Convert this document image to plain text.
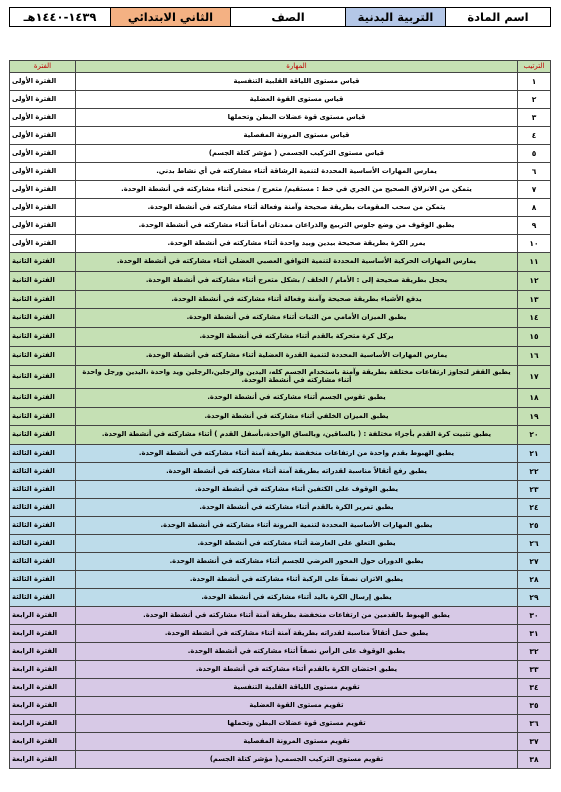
١٤٣٩-١٤٤٠هـ	الثاني الابتدائي	الصف	التربية البدنية	اسم المادة
الفترة	المهارة	الترتيب
الفترة الأولى	قياس مستوى اللياقة القلبية التنفسية	١
الفترة الأولى	قياس مستوى القوة العضلية	٢
الفترة الأولى	قياس مستوى قوة عضلات البطن وتحملها	٣
الفترة الأولى	قياس مستوى المرونة المفصلية	٤
الفترة الأولى	قياس مستوى التركيب الجسمي ( مؤشر كتلة الجسم)	٥
الفترة الأولى	يمارس المهارات الأساسية المحددة لتنمية الرشاقة أثناء مشاركته في أي نشاط بدني.	٦
الفترة الأولى	يتمكن من الانزلاق الصحيح من الجري في خط : مستقيم/ متعرج / منحنى أثناء مشاركته في أنشطة الوحدة.	٧
الفترة الأولى	يتمكن من سحب المقومات بطريقة صحيحة وآمنة وفعالة أثناء مشاركته في أنشطة الوحدة.	٨
الفترة الأولى	يطبق الوقوف من وضع جلوس التربيع والذراعان ممدتان أماماً أثناء مشاركته في أنشطة الوحدة.	٩
الفترة الأولى	يمرر الكرة بطريقة صحيحة بيدين وبيد واحدة أثناء مشاركته في أنشطة الوحدة.	١٠
الفترة الثانية	يمارس المهارات الحركية الأساسية المحددة لتنمية التوافق العصبي العضلي أثناء مشاركته في أنشطة الوحدة.	١١
الفترة الثانية	يحجل بطريقة صحيحة إلى : الأمام / الخلف / بشكل متعرج أثناء مشاركته في أنشطة الوحدة.	١٢
الفترة الثانية	يدفع الأشياء بطريقة صحيحة وآمنة وفعالة أثناء مشاركته في أنشطة الوحدة.	١٣
الفترة الثانية	يطبق الميزان الأمامي من الثبات أثناء مشاركته في أنشطة الوحدة.	١٤
الفترة الثانية	يركل كرة متحركة بالقدم أثناء مشاركته في أنشطة الوحدة.	١٥
الفترة الثانية	يمارس المهارات الأساسية المحددة لتنمية القدرة العضلية أثناء مشاركته في أنشطة الوحدة.	١٦
الفترة الثانية	يطبق القفز لتجاوز ارتفاعات مختلفة بطريقة وآمنة باستخدام الجسم كله، اليدين والرجلين،الرجلين ويد واحدة ،اليدين ورجل واحدة أثناء مشاركته في أنشطة الوحدة.	١٧
الفترة الثانية	يطبق تقوس الجسم أثناء مشاركته في أنشطة الوحدة.	١٨
الفترة الثانية	يطبق الميزان الخلفي أثناء مشاركته في أنشطة الوحدة.	١٩
الفترة الثانية	يطبق تثبيت كرة القدم بأجزاء مختلفة : ( بالساقين، وبالساق الواحدة،بأسفل القدم ) أثناء مشاركته في أنشطة الوحدة.	٢٠
الفترة الثالثة	يطبق الهبوط بقدم واحدة من ارتفاعات منخفضة بطريقة آمنة أثناء مشاركته في أنشطة الوحدة.	٢١
الفترة الثالثة	يطبق رفع أثقالاً مناسبة لقدراته بطريقة آمنة أثناء مشاركته في أنشطة الوحدة.	٢٢
الفترة الثالثة	يطبق الوقوف على الكتفين أثناء مشاركته في أنشطة الوحدة.	٢٣
الفترة الثالثة	يطبق تمرير الكرة بالقدم أثناء مشاركته في أنشطة الوحدة.	٢٤
الفترة الثالثة	يطبق المهارات الأساسية المحددة لتنمية المرونة أثناء مشاركته في أنشطة الوحدة.	٢٥
الفترة الثالثة	يطبق التعلق على العارضة أثناء مشاركته في أنشطة الوحدة.	٢٦
الفترة الثالثة	يطبق الدوران حول المحور العرضي للجسم أثناء مشاركته في أنشطة الوحدة.	٢٧
الفترة الثالثة	يطبق الاتزان نصفاً على الركبة أثناء مشاركته في أنشطة الوحدة.	٢٨
الفترة الثالثة	يطبق إرسال الكرة باليد أثناء مشاركته في أنشطة الوحدة.	٢٩
الفترة الرابعة	يطبق الهبوط بالقدمين من ارتفاعات منخفضة بطريقة آمنة أثناء مشاركته في أنشطة الوحدة.	٣٠
الفترة الرابعة	يطبق حمل أثقالاً مناسبة لقدراته بطريقة آمنة أثناء مشاركته في أنشطة الوحدة.	٣١
الفترة الرابعة	يطبق الوقوف على الرأس نصفاً أثناء مشاركته في أنشطة الوحدة.	٣٢
الفترة الرابعة	يطبق احتضان الكرة بالقدم أثناء مشاركته في أنشطة الوحدة.	٣٣
الفترة الرابعة	تقويم مستوى اللياقة القلبية التنفسية	٣٤
الفترة الرابعة	تقويم مستوى القوة العضلية	٣٥
الفترة الرابعة	تقويم مستوى قوة عضلات البطن وتحملها	٣٦
الفترة الرابعة	تقويم مستوى المرونة المفصلية	٣٧
الفترة الرابعة	تقويم مستوى التركيب الجسمي( مؤشر كتلة الجسم)	٣٨
